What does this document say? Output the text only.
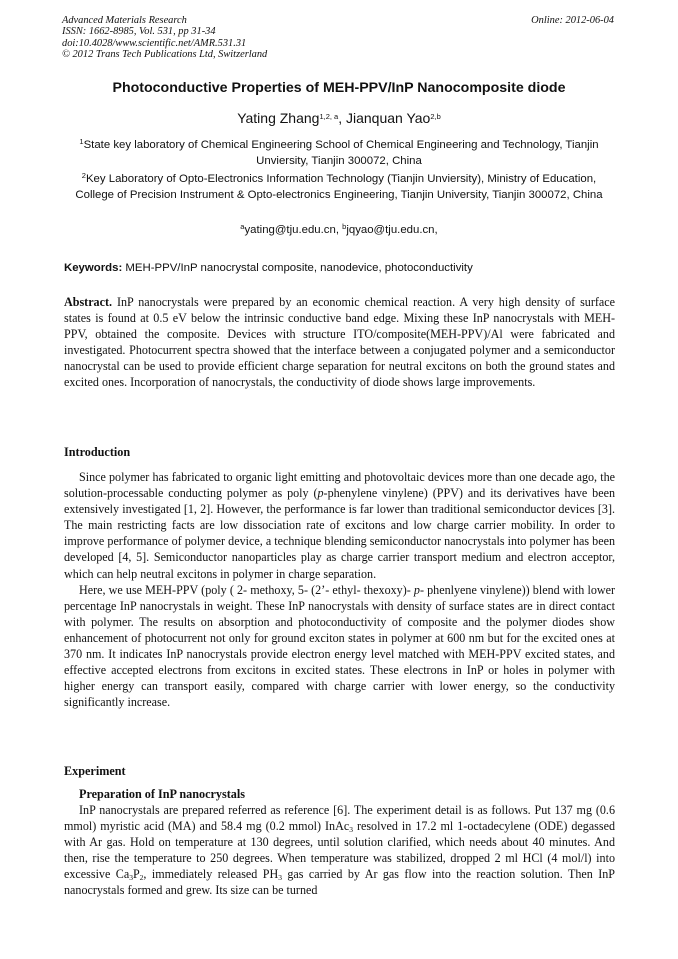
Advanced Materials Research
ISSN: 1662-8985, Vol. 531, pp 31-34
doi:10.4028/www.scientific.net/AMR.531.31
© 2012 Trans Tech Publications Ltd, Switzerland
Online: 2012-06-04
Photoconductive Properties of MEH-PPV/InP Nanocomposite diode
Yating Zhang$^{1,2, a}$, Jianquan Yao$^{2,b}$
$^1$State key laboratory of Chemical Engineering School of Chemical Engineering and Technology, Tianjin Unviersity, Tianjin 300072, China
$^2$Key Laboratory of Opto-Electronics Information Technology (Tianjin Unviersity), Ministry of Education, College of Precision Instrument & Opto-electronics Engineering, Tianjin University, Tianjin 300072, China
$^a$yating@tju.edu.cn, $^b$jqyao@tju.edu.cn,
Keywords: MEH-PPV/InP nanocrystal composite, nanodevice, photoconductivity

Abstract. InP nanocrystals were prepared by an economic chemical reaction. A very high density of surface states is found at 0.5 eV below the intrinsic conductive band edge. Mixing these InP nanocrystals with MEH-PPV, obtained the composite. Devices with structure ITO/composite(MEH-PPV)/Al were fabricated and investigated. Photocurrent spectra showed that the interface between a conjugated polymer and a semiconductor nanocrystal can be used to provide efficient charge separation for neutral excitons on both the ground states and excited ones. Incorporation of nanocrystals, the conductivity of diode shows large improvements.

Introduction

Since polymer has fabricated to organic light emitting and photovoltaic devices more than one decade ago, the solution-processable conducting polymer as poly (p-phenylene vinylene) (PPV) and its derivatives have been extensively investigated [1, 2]. However, the performance is far lower than traditional semiconductor devices [3]. The main restricting facts are low dissociation rate of excitons and low charge carrier mobility. In order to improve performance of polymer device, a technique blending semiconductor nanocrystals into polymer has been developed [4, 5]. Semiconductor nanoparticles play as charge carrier transport medium and electron acceptor, which can help neutral excitons in polymer in charge separation.

Here, we use MEH-PPV (poly ( 2- methoxy, 5- (2’- ethyl- thexoxy)- p- phenlyene vinylene)) blend with lower percentage InP nanocrystals in weight. These InP nanocrystals with density of surface states are in direct contact with polymer. The results on absorption and photoconductivity of composite and the polymer diodes show enhancement of photocurrent not only for ground exciton states in polymer at 600 nm but for the excited ones at 370 nm. It indicates InP nanocrystals provide electron energy level matched with MEH-PPV excited states, and effective accepted electrons from excitons in excited states. These electrons in InP or holes in polymer with higher energy can transport easily, compared with charge carrier with lower energy, so the conductivity significantly increase.

Experiment
Preparation of InP nanocrystals

InP nanocrystals are prepared referred as reference [6]. The experiment detail is as follows. Put 137 mg (0.6 mmol) myristic acid (MA) and 58.4 mg (0.2 mmol) InAc$_3$ resolved in 17.2 ml 1-octadecylene (ODE) degassed with Ar gas. Hold on temperature at 130 degrees, until solution clarified, which needs about 40 minutes. And then, rise the temperature to 250 degrees. When temperature was stabilized, dropped 2 ml HCl (4 mol/l) into excessive $Ca_3P_2$, immediately released $PH_3$ gas carried by Ar gas flow into the reaction solution. Then InP nanocrystals formed and grew. Its size can be turned
